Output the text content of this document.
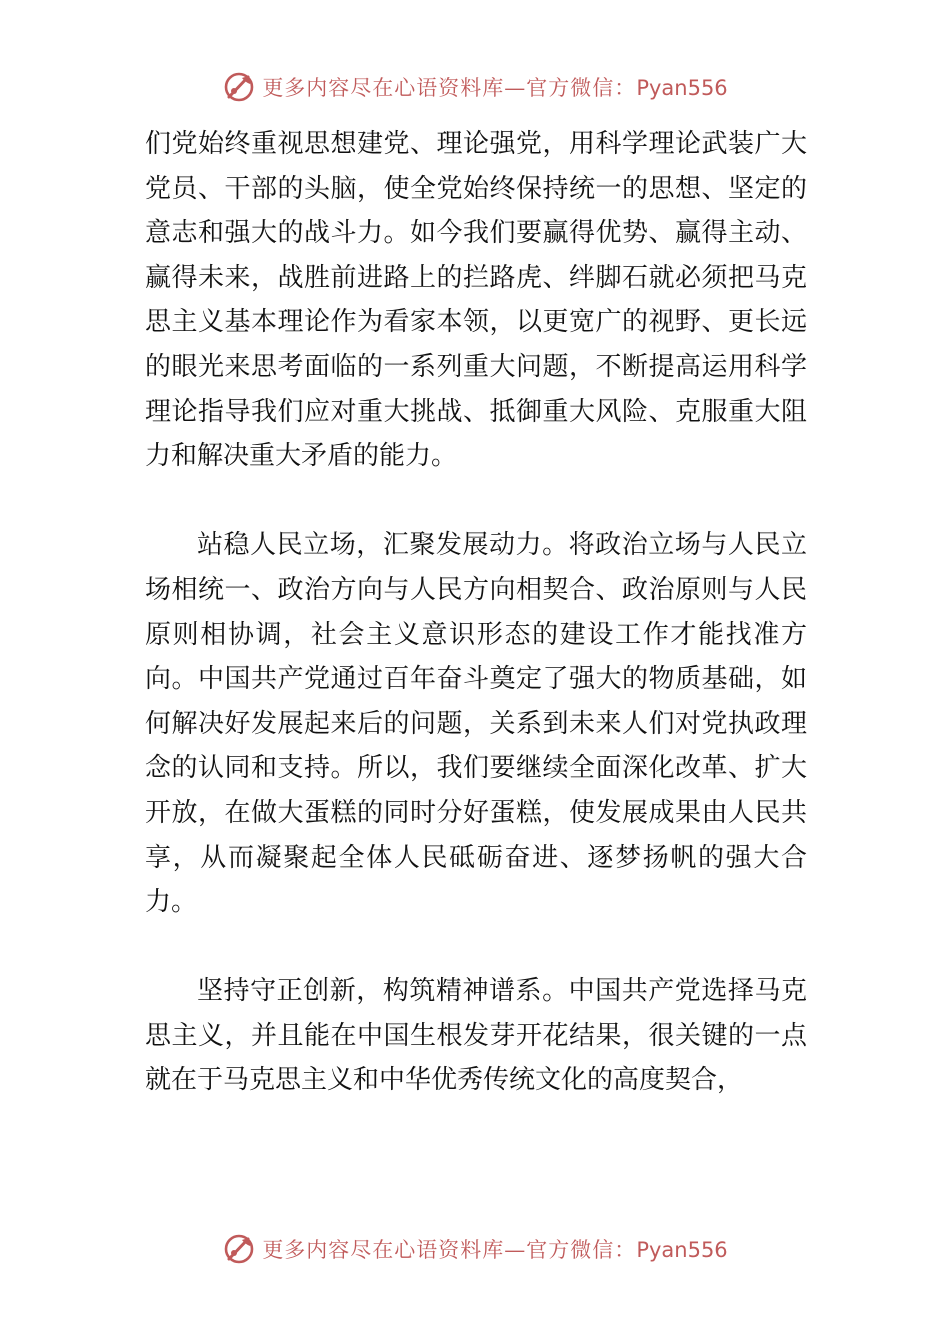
更多内容尽在心语资料库—官方微信：Pyan556

们党始终重视思想建党、理论强党，用科学理论武装广大党员、干部的头脑，使全党始终保持统一的思想、坚定的意志和强大的战斗力。如今我们要赢得优势、赢得主动、赢得未来，战胜前进路上的拦路虎、绊脚石就必须把马克思主义基本理论作为看家本领，以更宽广的视野、更长远的眼光来思考面临的一系列重大问题，不断提高运用科学理论指导我们应对重大挑战、抵御重大风险、克服重大阻力和解决重大矛盾的能力。

站稳人民立场，汇聚发展动力。将政治立场与人民立场相统一、政治方向与人民方向相契合、政治原则与人民原则相协调，社会主义意识形态的建设工作才能找准方向。中国共产党通过百年奋斗奠定了强大的物质基础，如何解决好发展起来后的问题，关系到未来人们对党执政理念的认同和支持。所以，我们要继续全面深化改革、扩大开放，在做大蛋糕的同时分好蛋糕，使发展成果由人民共享，从而凝聚起全体人民砥砺奋进、逐梦扬帆的强大合力。

坚持守正创新，构筑精神谱系。中国共产党选择马克思主义，并且能在中国生根发芽开花结果，很关键的一点就在于马克思主义和中华优秀传统文化的高度契合，

更多内容尽在心语资料库—官方微信：Pyan556
